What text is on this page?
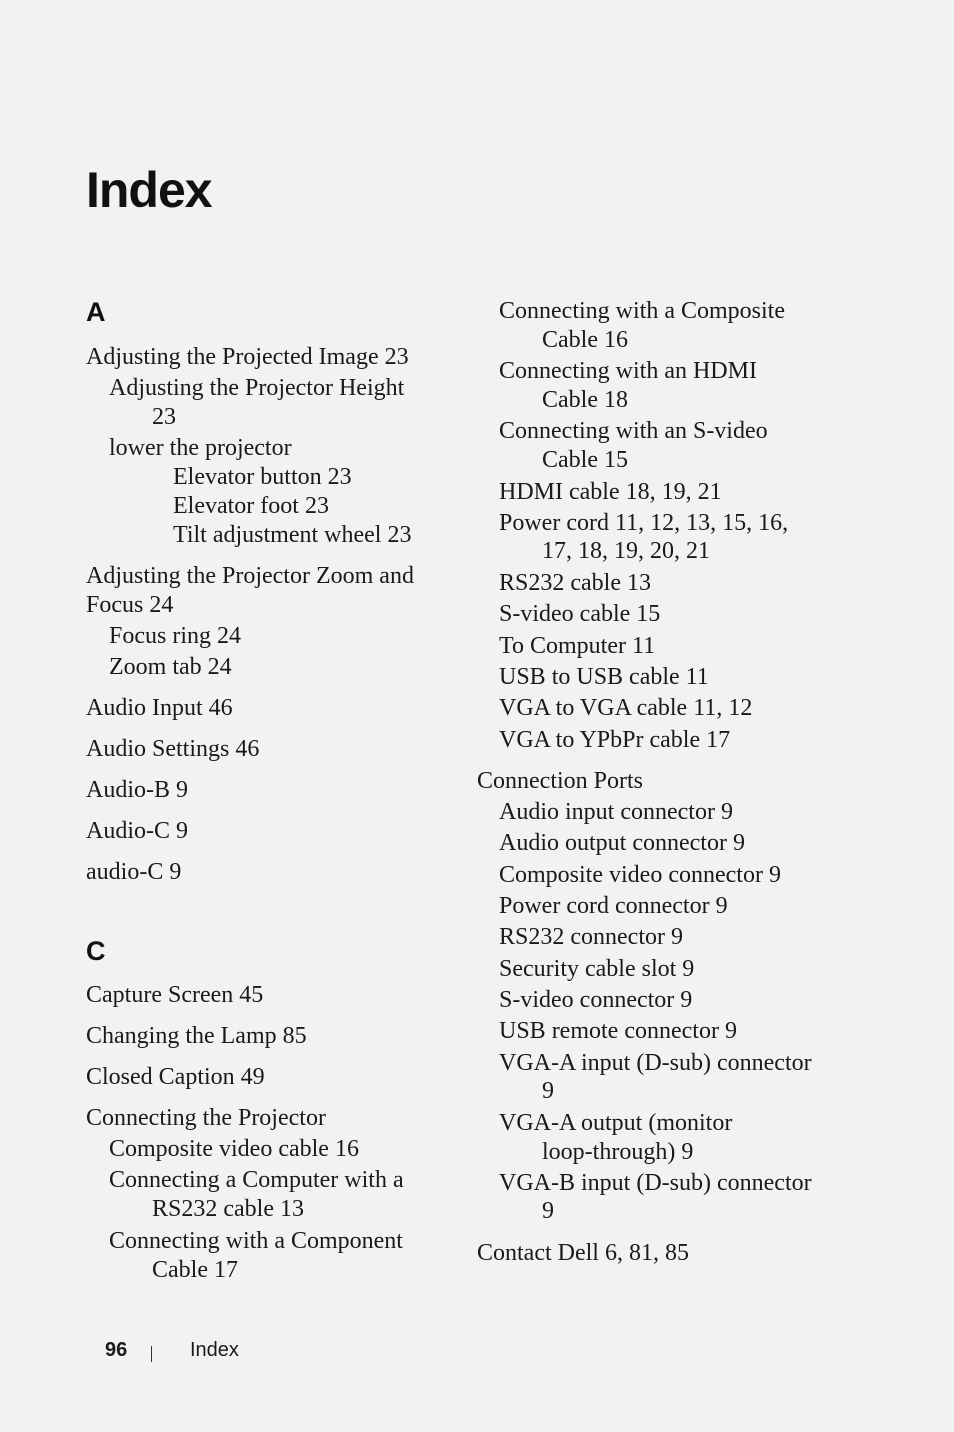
Index
A
Adjusting the Projected Image 23
Adjusting the Projector Height
23
lower the projector
Elevator button 23
Elevator foot 23
Tilt adjustment wheel 23
Adjusting the Projector Zoom and
Focus 24
Focus ring 24
Zoom tab 24
Audio Input 46
Audio Settings 46
Audio-B 9
Audio-C 9
audio-C 9
C
Capture Screen 45
Changing the Lamp 85
Closed Caption 49
Connecting the Projector
Composite video cable 16
Connecting a Computer with a
RS232 cable 13
Connecting with a Component
Cable 17
Connecting with a Composite
Cable 16
Connecting with an HDMI
Cable 18
Connecting with an S-video
Cable 15
HDMI cable 18, 19, 21
Power cord 11, 12, 13, 15, 16,
17, 18, 19, 20, 21
RS232 cable 13
S-video cable 15
To Computer 11
USB to USB cable 11
VGA to VGA cable 11, 12
VGA to YPbPr cable 17
Connection Ports
Audio input connector 9
Audio output connector 9
Composite video connector 9
Power cord connector 9
RS232 connector 9
Security cable slot 9
S-video connector 9
USB remote connector 9
VGA-A input (D-sub) connector
9
VGA-A output (monitor
loop-through) 9
VGA-B input (D-sub) connector
9
Contact Dell 6, 81, 85
96	Index
